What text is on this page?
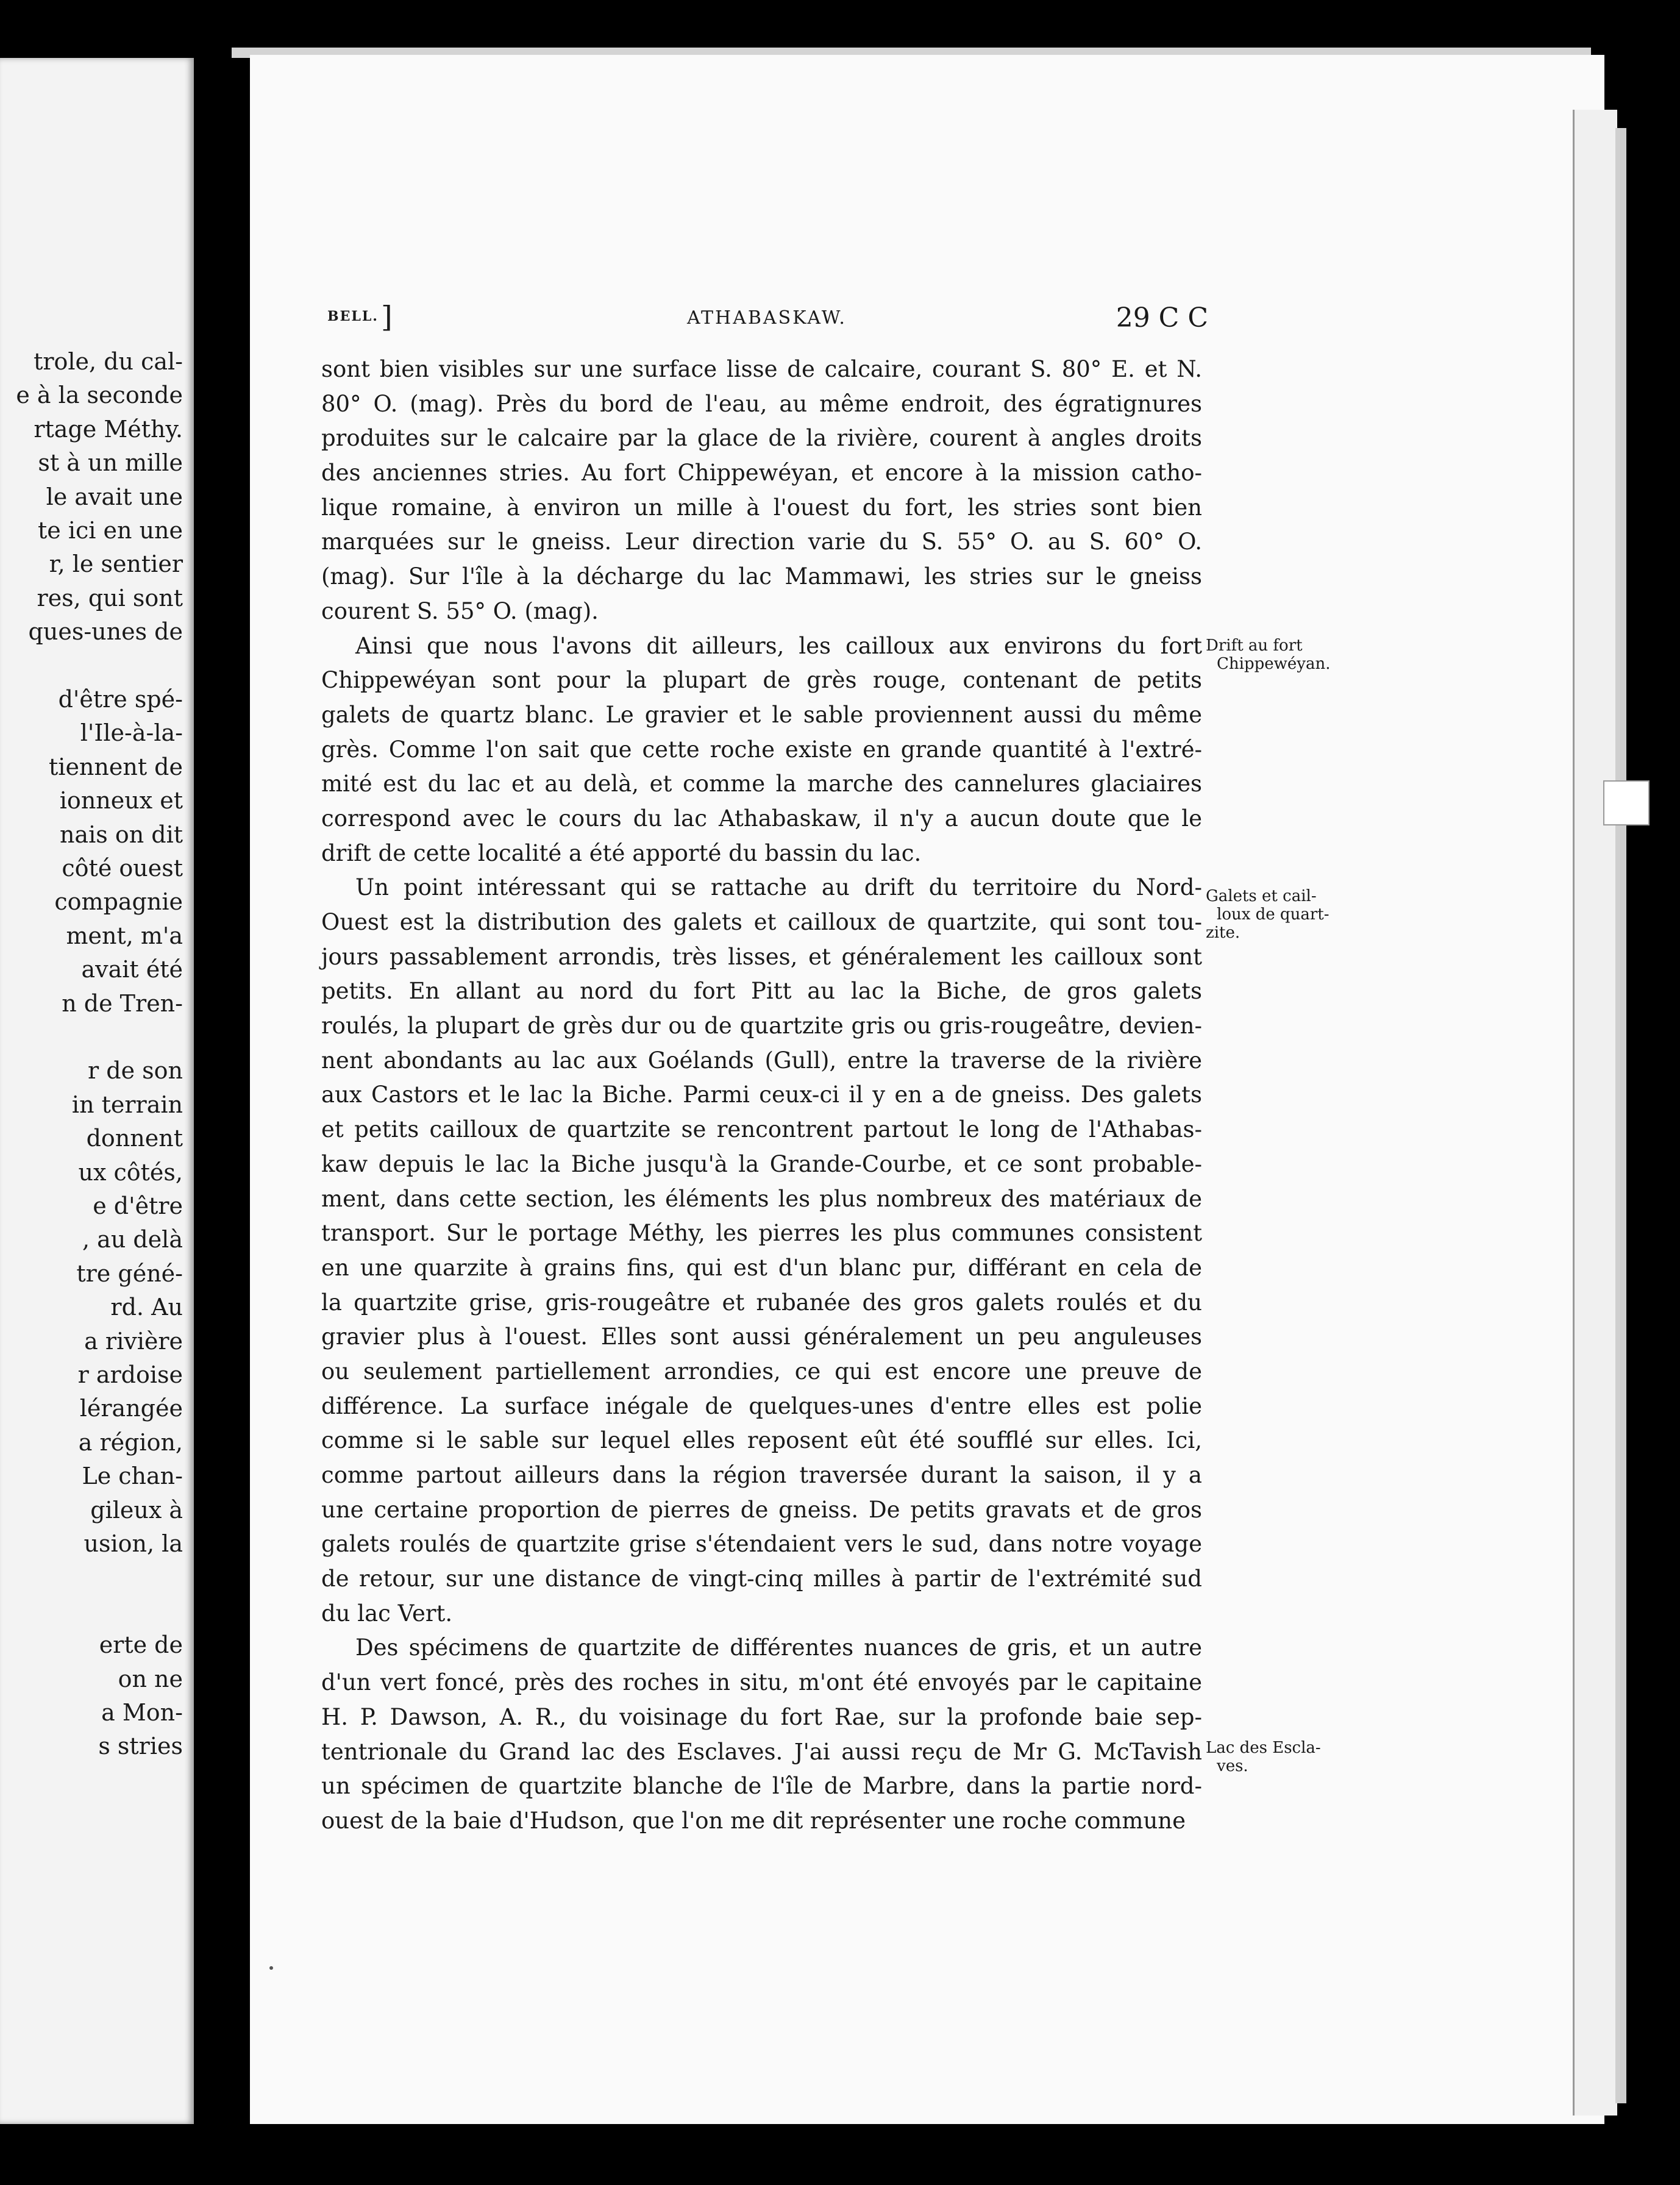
trole, du cal-
e à la seconde
rtage Méthy.
st à un mille
le avait une
te ici en une
r, le sentier
res, qui sont
ques-unes de
d'être spé-
l'Ile-à-la-
tiennent de
ionneux et
nais on dit
côté ouest
compagnie
ment, m'a
avait été
n de Tren-
r de son
in terrain
donnent
ux côtés,
e d'être
, au delà
tre géné-
rd. Au
a rivière
r ardoise
lérangée
a région,
Le chan-
gileux à
usion, la
erte de
on ne
a Mon-
s stries
BELL. ]	ATHABASKAW.	29 C C
sont bien visibles sur une surface lisse de calcaire, courant S. 80° E. et N.
80° O. (mag). Près du bord de l'eau, au même endroit, des égratignures
produites sur le calcaire par la glace de la rivière, courent à angles droits
des anciennes stries. Au fort Chippewéyan, et encore à la mission catho-
lique romaine, à environ un mille à l'ouest du fort, les stries sont bien
marquées sur le gneiss. Leur direction varie du S. 55° O. au S. 60° O.
(mag). Sur l'île à la décharge du lac Mammawi, les stries sur le gneiss
courent S. 55° O. (mag).
Ainsi que nous l'avons dit ailleurs, les cailloux aux environs du fort
Chippewéyan sont pour la plupart de grès rouge, contenant de petits
galets de quartz blanc. Le gravier et le sable proviennent aussi du même
grès. Comme l'on sait que cette roche existe en grande quantité à l'extré-
mité est du lac et au delà, et comme la marche des cannelures glaciaires
correspond avec le cours du lac Athabaskaw, il n'y a aucun doute que le
drift de cette localité a été apporté du bassin du lac.
Un point intéressant qui se rattache au drift du territoire du Nord-
Ouest est la distribution des galets et cailloux de quartzite, qui sont tou-
jours passablement arrondis, très lisses, et généralement les cailloux sont
petits. En allant au nord du fort Pitt au lac la Biche, de gros galets
roulés, la plupart de grès dur ou de quartzite gris ou gris-rougeâtre, devien-
nent abondants au lac aux Goélands (Gull), entre la traverse de la rivière
aux Castors et le lac la Biche. Parmi ceux-ci il y en a de gneiss. Des galets
et petits cailloux de quartzite se rencontrent partout le long de l'Athabas-
kaw depuis le lac la Biche jusqu'à la Grande-Courbe, et ce sont probable-
ment, dans cette section, les éléments les plus nombreux des matériaux de
transport. Sur le portage Méthy, les pierres les plus communes consistent
en une quarzite à grains fins, qui est d'un blanc pur, différant en cela de
la quartzite grise, gris-rougeâtre et rubanée des gros galets roulés et du
gravier plus à l'ouest. Elles sont aussi généralement un peu anguleuses
ou seulement partiellement arrondies, ce qui est encore une preuve de
différence. La surface inégale de quelques-unes d'entre elles est polie
comme si le sable sur lequel elles reposent eût été soufflé sur elles. Ici,
comme partout ailleurs dans la région traversée durant la saison, il y a
une certaine proportion de pierres de gneiss. De petits gravats et de gros
galets roulés de quartzite grise s'étendaient vers le sud, dans notre voyage
de retour, sur une distance de vingt-cinq milles à partir de l'extrémité sud
du lac Vert.
Des spécimens de quartzite de différentes nuances de gris, et un autre
d'un vert foncé, près des roches in situ, m'ont été envoyés par le capitaine
H. P. Dawson, A. R., du voisinage du fort Rae, sur la profonde baie sep-
tentrionale du Grand lac des Esclaves. J'ai aussi reçu de Mr G. McTavish
un spécimen de quartzite blanche de l'île de Marbre, dans la partie nord-
ouest de la baie d'Hudson, que l'on me dit représenter une roche commune
Drift au fort
Chippewéyan.
Galets et cail-
loux de quart-
zite.
Lac des Escla-
ves.
